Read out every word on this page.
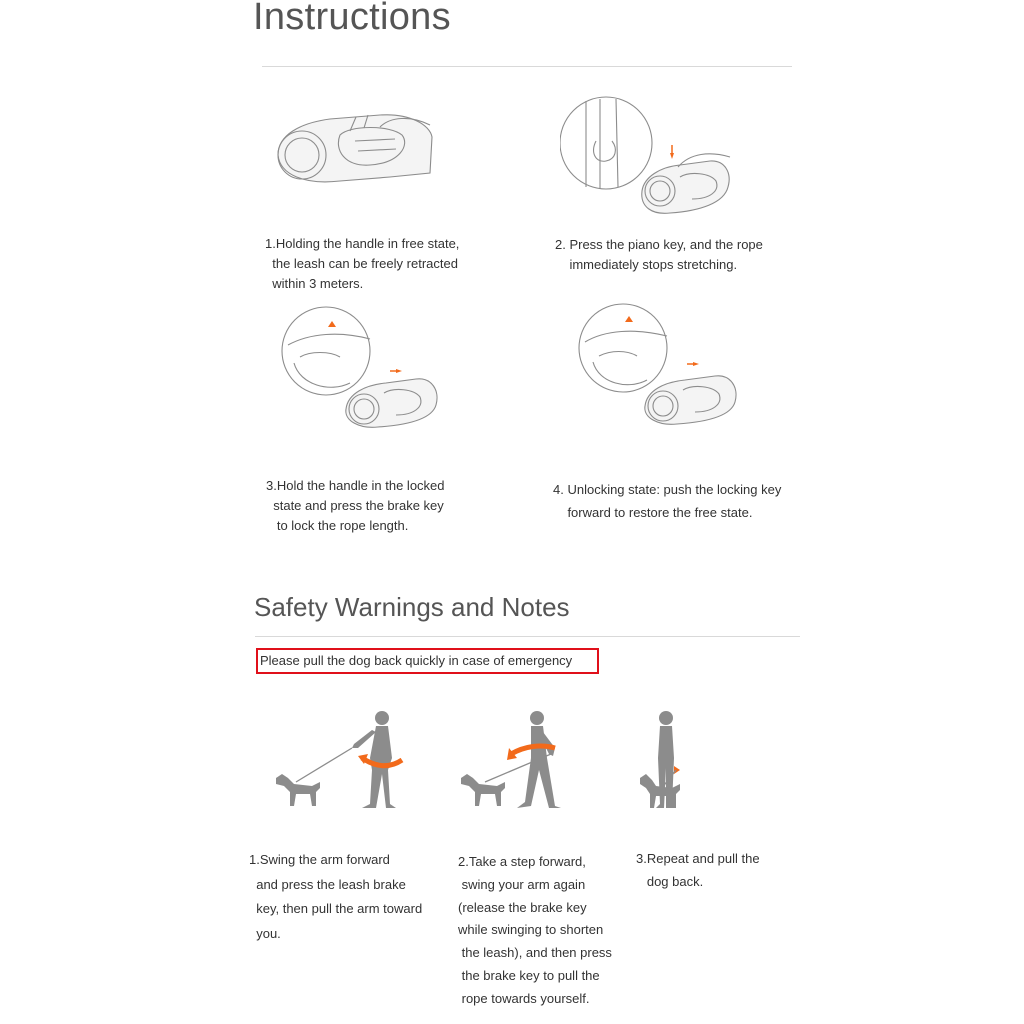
Instructions
1.Holding the handle in free state,
the leash can be freely retracted
within 3 meters.
2. Press the piano key, and the rope
immediately stops stretching.
3.Hold the handle in the locked
state and press the brake key
to lock the rope length.
4. Unlocking state: push the locking key
forward to restore the free state.
Safety Warnings and Notes
Please pull the dog back quickly in case of emergency
1.Swing the arm forward
and press the leash brake
key, then pull the arm toward
you.
2.Take a step forward,
swing your arm again
(release the brake key
while swinging to shorten
the leash), and then press
the brake key to pull the
rope towards yourself.
3.Repeat and pull the
dog back.
